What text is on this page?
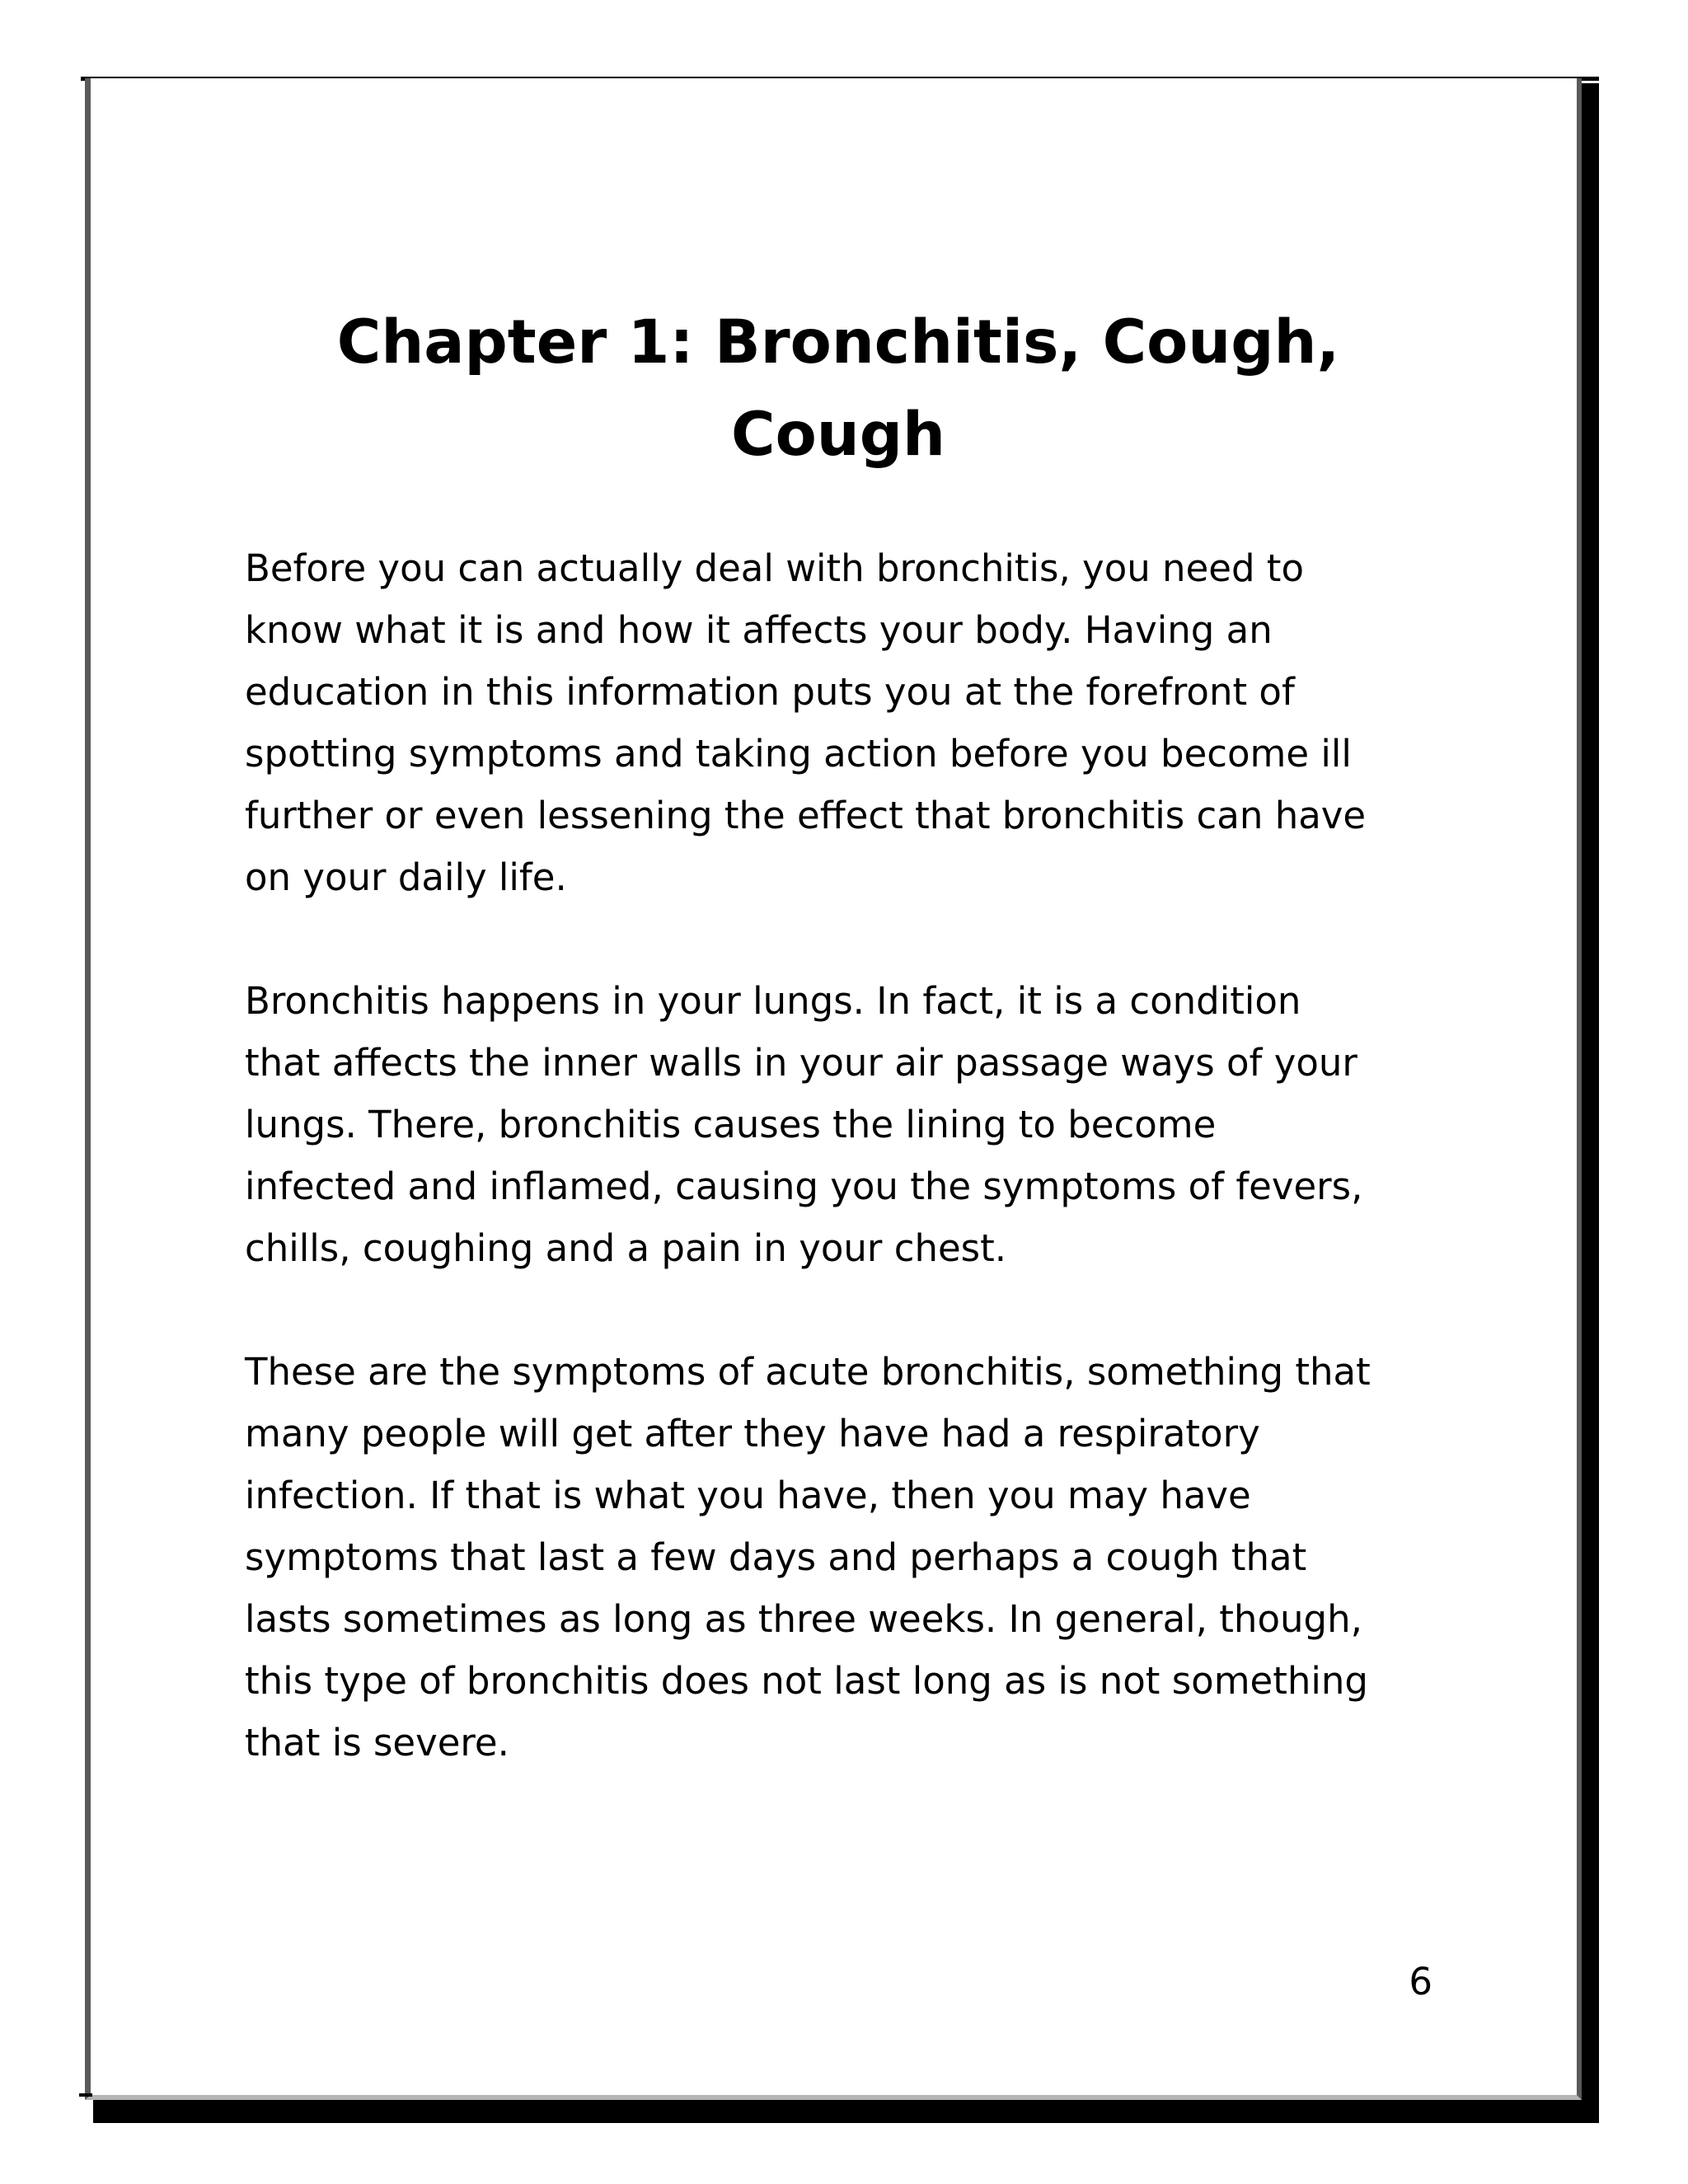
Chapter 1: Bronchitis, Cough,
Cough

Before you can actually deal with bronchitis, you need to
know what it is and how it affects your body. Having an
education in this information puts you at the forefront of
spotting symptoms and taking action before you become ill
further or even lessening the effect that bronchitis can have
on your daily life.

Bronchitis happens in your lungs. In fact, it is a condition
that affects the inner walls in your air passage ways of your
lungs. There, bronchitis causes the lining to become
infected and inflamed, causing you the symptoms of fevers,
chills, coughing and a pain in your chest.

These are the symptoms of acute bronchitis, something that
many people will get after they have had a respiratory
infection. If that is what you have, then you may have
symptoms that last a few days and perhaps a cough that
lasts sometimes as long as three weeks. In general, though,
this type of bronchitis does not last long as is not something
that is severe.

6
